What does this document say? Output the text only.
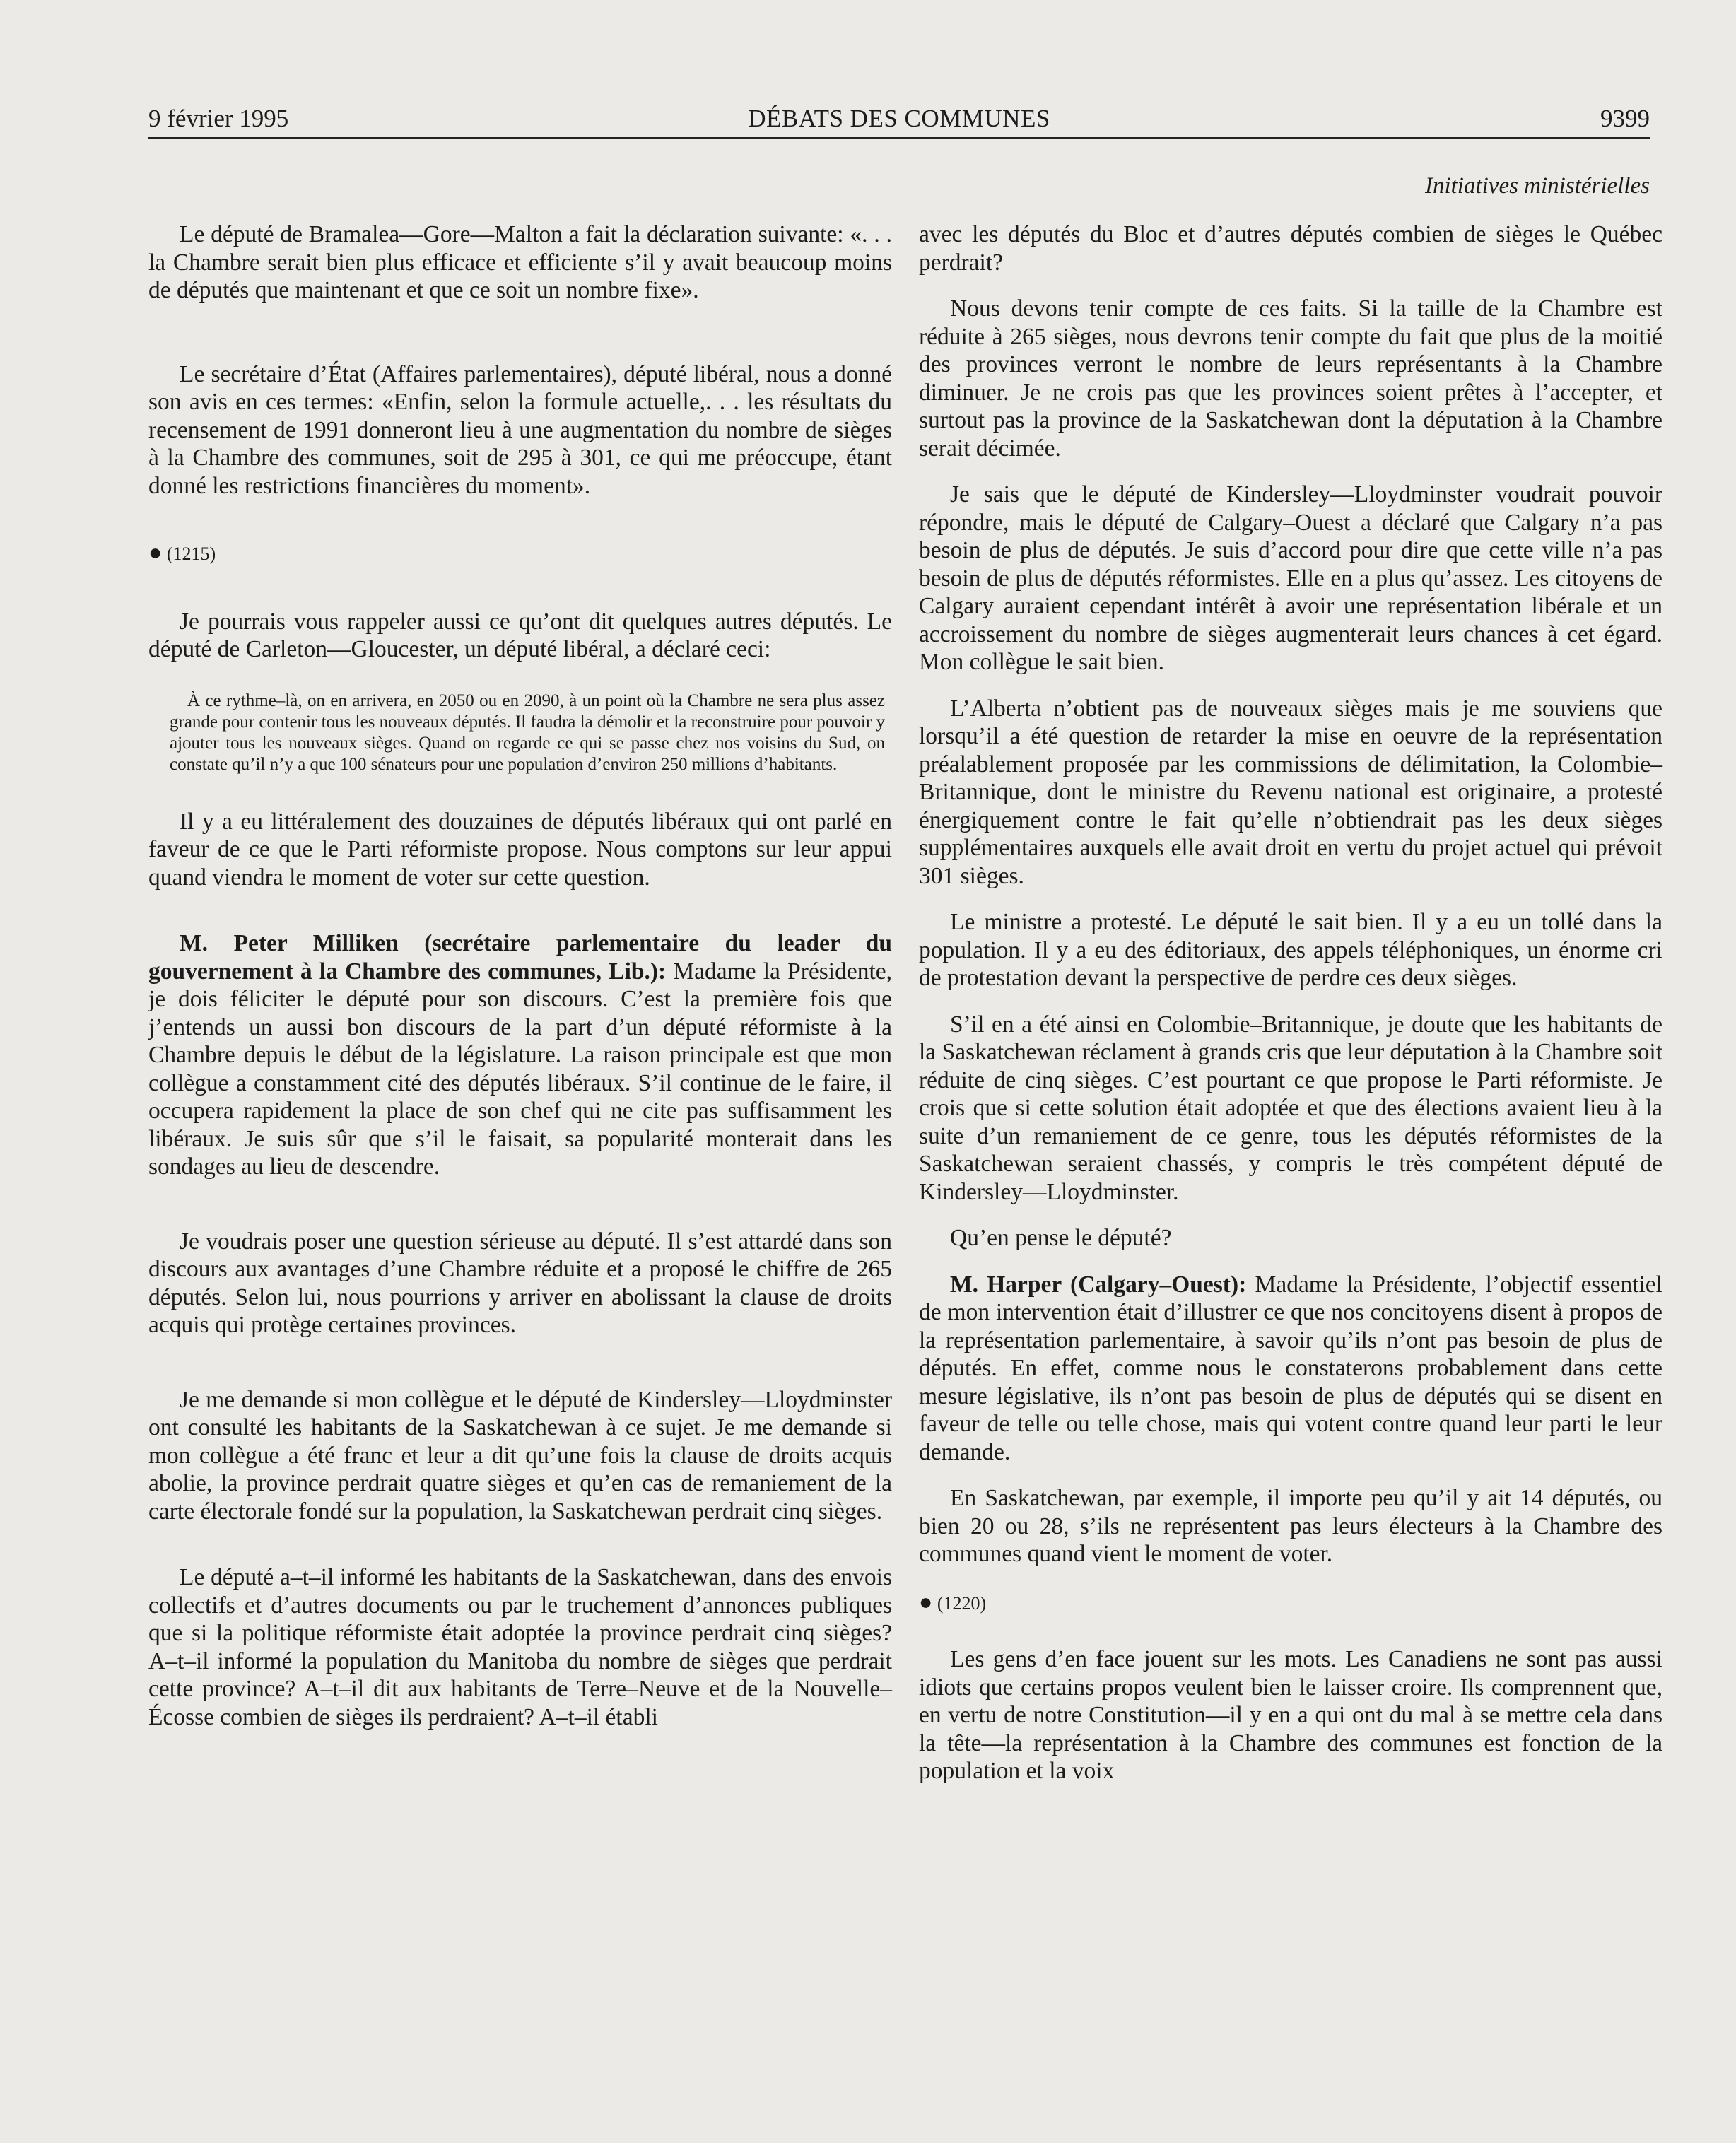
9 février 1995	DÉBATS DES COMMUNES	9399
Initiatives ministérielles

Le député de Bramalea—Gore—Malton a fait la déclaration suivante: «. . . la Chambre serait bien plus efficace et efficiente s’il y avait beaucoup moins de députés que maintenant et que ce soit un nombre fixe».

Le secrétaire d’État (Affaires parlementaires), député libéral, nous a donné son avis en ces termes: «Enfin, selon la formule actuelle,. . . les résultats du recensement de 1991 donneront lieu à une augmentation du nombre de sièges à la Chambre des communes, soit de 295 à 301, ce qui me préoccupe, étant donné les restrictions financières du moment».

● (1215)

Je pourrais vous rappeler aussi ce qu’ont dit quelques autres députés. Le député de Carleton—Gloucester, un député libéral, a déclaré ceci:

À ce rythme–là, on en arrivera, en 2050 ou en 2090, à un point où la Chambre ne sera plus assez grande pour contenir tous les nouveaux députés. Il faudra la démolir et la reconstruire pour pouvoir y ajouter tous les nouveaux sièges. Quand on regarde ce qui se passe chez nos voisins du Sud, on constate qu’il n’y a que 100 sénateurs pour une population d’environ 250 millions d’habitants.

Il y a eu littéralement des douzaines de députés libéraux qui ont parlé en faveur de ce que le Parti réformiste propose. Nous comptons sur leur appui quand viendra le moment de voter sur cette question.

M. Peter Milliken (secrétaire parlementaire du leader du gouvernement à la Chambre des communes, Lib.): Madame la Présidente, je dois féliciter le député pour son discours. C’est la première fois que j’entends un aussi bon discours de la part d’un député réformiste à la Chambre depuis le début de la législature. La raison principale est que mon collègue a constamment cité des députés libéraux. S’il continue de le faire, il occupera rapidement la place de son chef qui ne cite pas suffisamment les libéraux. Je suis sûr que s’il le faisait, sa popularité monterait dans les sondages au lieu de descendre.

Je voudrais poser une question sérieuse au député. Il s’est attardé dans son discours aux avantages d’une Chambre réduite et a proposé le chiffre de 265 députés. Selon lui, nous pourrions y arriver en abolissant la clause de droits acquis qui protège certaines provinces.

Je me demande si mon collègue et le député de Kindersley—Lloydminster ont consulté les habitants de la Saskatchewan à ce sujet. Je me demande si mon collègue a été franc et leur a dit qu’une fois la clause de droits acquis abolie, la province perdrait quatre sièges et qu’en cas de remaniement de la carte électorale fondé sur la population, la Saskatchewan perdrait cinq sièges.

Le député a–t–il informé les habitants de la Saskatchewan, dans des envois collectifs et d’autres documents ou par le truchement d’annonces publiques que si la politique réformiste était adoptée la province perdrait cinq sièges? A–t–il informé la population du Manitoba du nombre de sièges que perdrait cette province? A–t–il dit aux habitants de Terre–Neuve et de la Nouvelle–Écosse combien de sièges ils perdraient? A–t–il établi

avec les députés du Bloc et d’autres députés combien de sièges le Québec perdrait?

Nous devons tenir compte de ces faits. Si la taille de la Chambre est réduite à 265 sièges, nous devrons tenir compte du fait que plus de la moitié des provinces verront le nombre de leurs représentants à la Chambre diminuer. Je ne crois pas que les provinces soient prêtes à l’accepter, et surtout pas la province de la Saskatchewan dont la députation à la Chambre serait décimée.

Je sais que le député de Kindersley—Lloydminster voudrait pouvoir répondre, mais le député de Calgary–Ouest a déclaré que Calgary n’a pas besoin de plus de députés. Je suis d’accord pour dire que cette ville n’a pas besoin de plus de députés réformistes. Elle en a plus qu’assez. Les citoyens de Calgary auraient cependant intérêt à avoir une représentation libérale et un accroissement du nombre de sièges augmenterait leurs chances à cet égard. Mon collègue le sait bien.

L’Alberta n’obtient pas de nouveaux sièges mais je me souviens que lorsqu’il a été question de retarder la mise en oeuvre de la représentation préalablement proposée par les commissions de délimitation, la Colombie–Britannique, dont le ministre du Revenu national est originaire, a protesté énergiquement contre le fait qu’elle n’obtiendrait pas les deux sièges supplémentaires auxquels elle avait droit en vertu du projet actuel qui prévoit 301 sièges.

Le ministre a protesté. Le député le sait bien. Il y a eu un tollé dans la population. Il y a eu des éditoriaux, des appels téléphoniques, un énorme cri de protestation devant la perspective de perdre ces deux sièges.

S’il en a été ainsi en Colombie–Britannique, je doute que les habitants de la Saskatchewan réclament à grands cris que leur députation à la Chambre soit réduite de cinq sièges. C’est pourtant ce que propose le Parti réformiste. Je crois que si cette solution était adoptée et que des élections avaient lieu à la suite d’un remaniement de ce genre, tous les députés réformistes de la Saskatchewan seraient chassés, y compris le très compétent député de Kindersley—Lloydminster.

Qu’en pense le député?

M. Harper (Calgary–Ouest): Madame la Présidente, l’objectif essentiel de mon intervention était d’illustrer ce que nos concitoyens disent à propos de la représentation parlementaire, à savoir qu’ils n’ont pas besoin de plus de députés. En effet, comme nous le constaterons probablement dans cette mesure législative, ils n’ont pas besoin de plus de députés qui se disent en faveur de telle ou telle chose, mais qui votent contre quand leur parti le leur demande.

En Saskatchewan, par exemple, il importe peu qu’il y ait 14 députés, ou bien 20 ou 28, s’ils ne représentent pas leurs électeurs à la Chambre des communes quand vient le moment de voter.

● (1220)

Les gens d’en face jouent sur les mots. Les Canadiens ne sont pas aussi idiots que certains propos veulent bien le laisser croire. Ils comprennent que, en vertu de notre Constitution—il y en a qui ont du mal à se mettre cela dans la tête—la représentation à la Chambre des communes est fonction de la population et la voix
